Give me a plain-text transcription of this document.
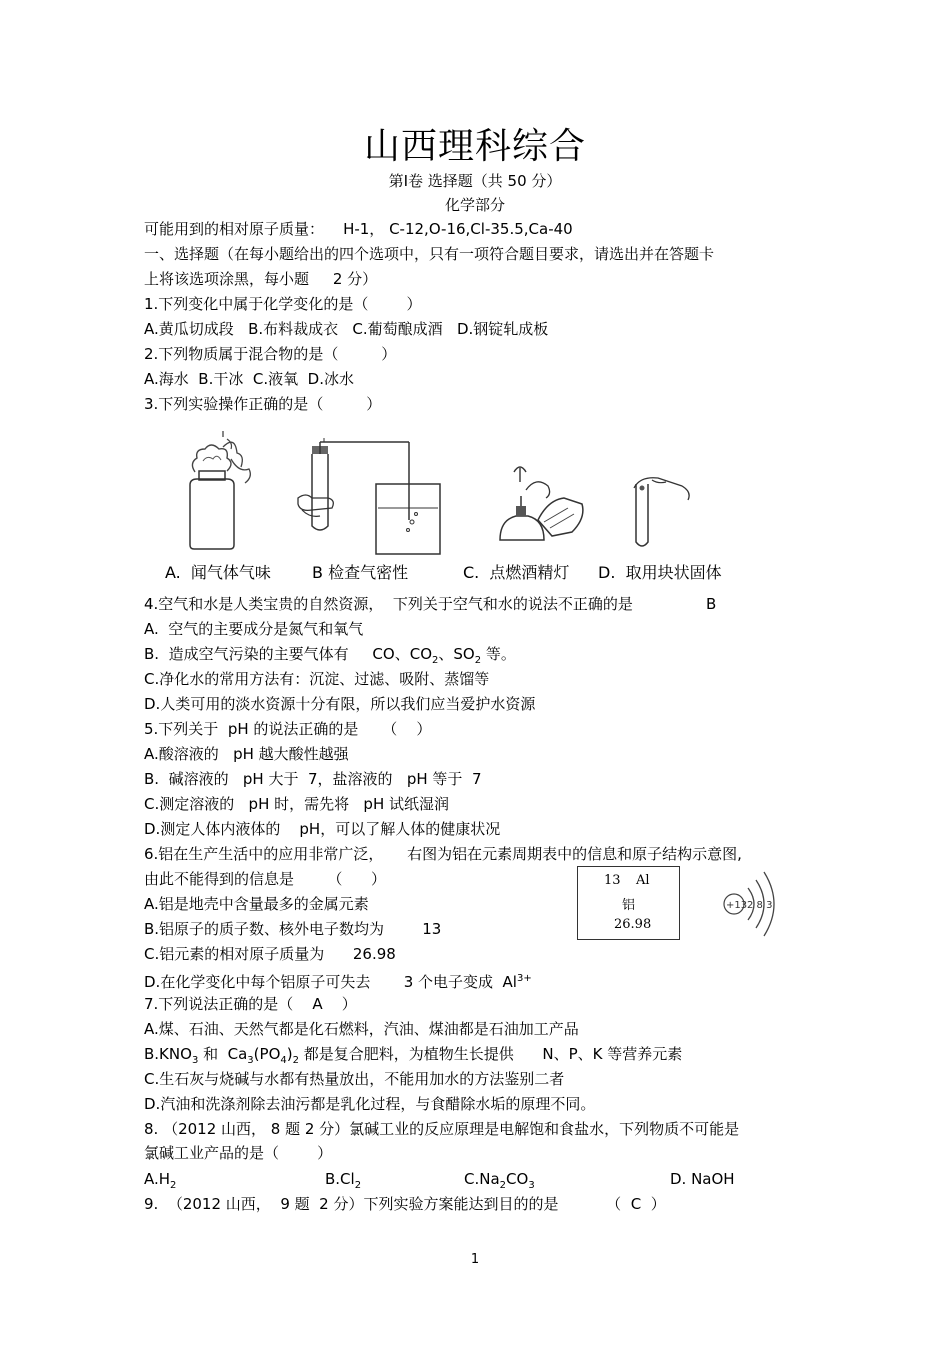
山西理科综合
第Ⅰ卷 选择题（共 50 分）
化学部分
可能用到的相对原子质量：    H-1， C-12,O-16,Cl-35.5,Ca-40
一、选择题（在每小题给出的四个选项中，只有一项符合题目要求，请选出并在答题卡
上将该选项涂黑，每小题     2 分）
1.下列变化中属于化学变化的是（        ）
A.黄瓜切成段   B.布料裁成衣   C.葡萄酿成酒   D.钢锭轧成板
2.下列物质属于混合物的是（         ）
A.海水  B.干冰  C.液氧  D.冰水
3.下列实验操作正确的是（         ）
A.  闻气体气味	B 检查气密性	C.  点燃酒精灯 D.  取用块状固体
4.空气和水是人类宝贵的自然资源，  下列关于空气和水的说法不正确的是	B
A.  空气的主要成分是氮气和氧气
B.  造成空气污染的主要气体有     CO、$CO_2$、$SO_2$ 等。
C.净化水的常用方法有：沉淀、过滤、吸附、蒸馏等
D.人类可用的淡水资源十分有限，所以我们应当爱护水资源
5.下列关于  pH 的说法正确的是     （    ）
A.酸溶液的   pH 越大酸性越强
B.  碱溶液的   pH 大于  7，盐溶液的   pH 等于  7
C.测定溶液的   pH 时，需先将   pH 试纸湿润
D.测定人体内液体的    pH，可以了解人体的健康状况
6.铝在生产生活中的应用非常广泛，     右图为铝在元素周期表中的信息和原子结构示意图,
由此不能得到的信息是       （      ）
A.铝是地壳中含量最多的金属元素
B.铝原子的质子数、核外电子数均为        13
C.铝元素的相对原子质量为      26.98
D.在化学变化中每个铝原子可失去       3 个电子变成  $Al^{3+}$
13 Al
铝
26.98
+13 2 8 3
7.下列说法正确的是（    A    ）
A.煤、石油、天然气都是化石燃料，汽油、煤油都是石油加工产品
$B.KNO_3$ 和  $Ca_3(PO_4)_2$ 都是复合肥料，为植物生长提供      N、P、K 等营养元素
C.生石灰与烧碱与水都有热量放出，不能用加水的方法鉴别二者
D.汽油和洗涤剂除去油污都是乳化过程，与食醋除水垢的原理不同。
8. （2012 山西， 8 题 2 分）氯碱工业的反应原理是电解饱和食盐水，下列物质不可能是
氯碱工业产品的是（        ）
$A.H_2$	$B.Cl_2$	$C.Na_2CO_3$	D. NaOH
9.  （2012 山西，  9 题  2 分）下列实验方案能达到目的的是          （  C  ）
1
